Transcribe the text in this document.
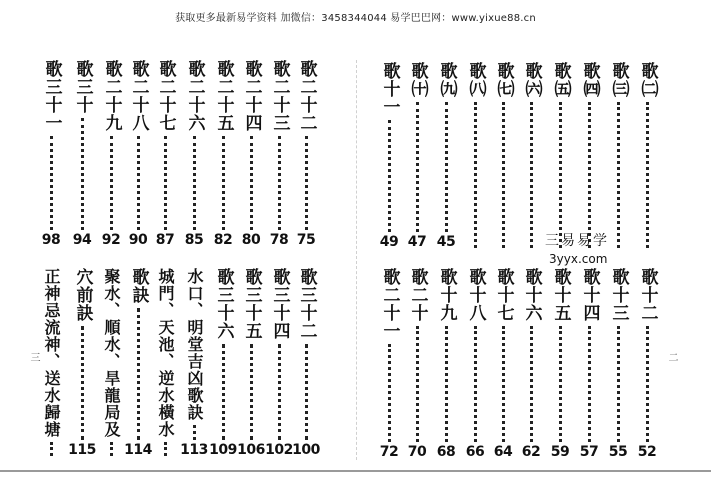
获取更多最新易学资料 加微信：3458344044 易学巴巴网：www.yixue88.cn
三	二
歌三十一
98
歌三十
94
歌二十九
92
歌二十八
90
歌二十七
87
歌二十六
85
歌二十五
82
歌二十四
80
歌二十三
78
歌二十二
75
正神忌流神、送水歸塘 穴前訣
115
聚水、順水、旱龍局及 歌訣
114
城門、天池、逆水橫水 水口、明堂吉凶歌訣
113
歌三十六
109
歌三十五
106
歌三十四
102
歌三十二
100
歌十一
49
歌㈩
47
歌㈨
45
歌㈧ 歌㈦ 歌㈥ 歌㈤ 歌㈣ 歌㈢ 歌㈡
歌二十一
72
歌二十
70
歌十九
68
歌十八
66
歌十七
64
歌十六
62
歌十五
59
歌十四
57
歌十三
55
歌十二
52
三易易学
3yyx.com
